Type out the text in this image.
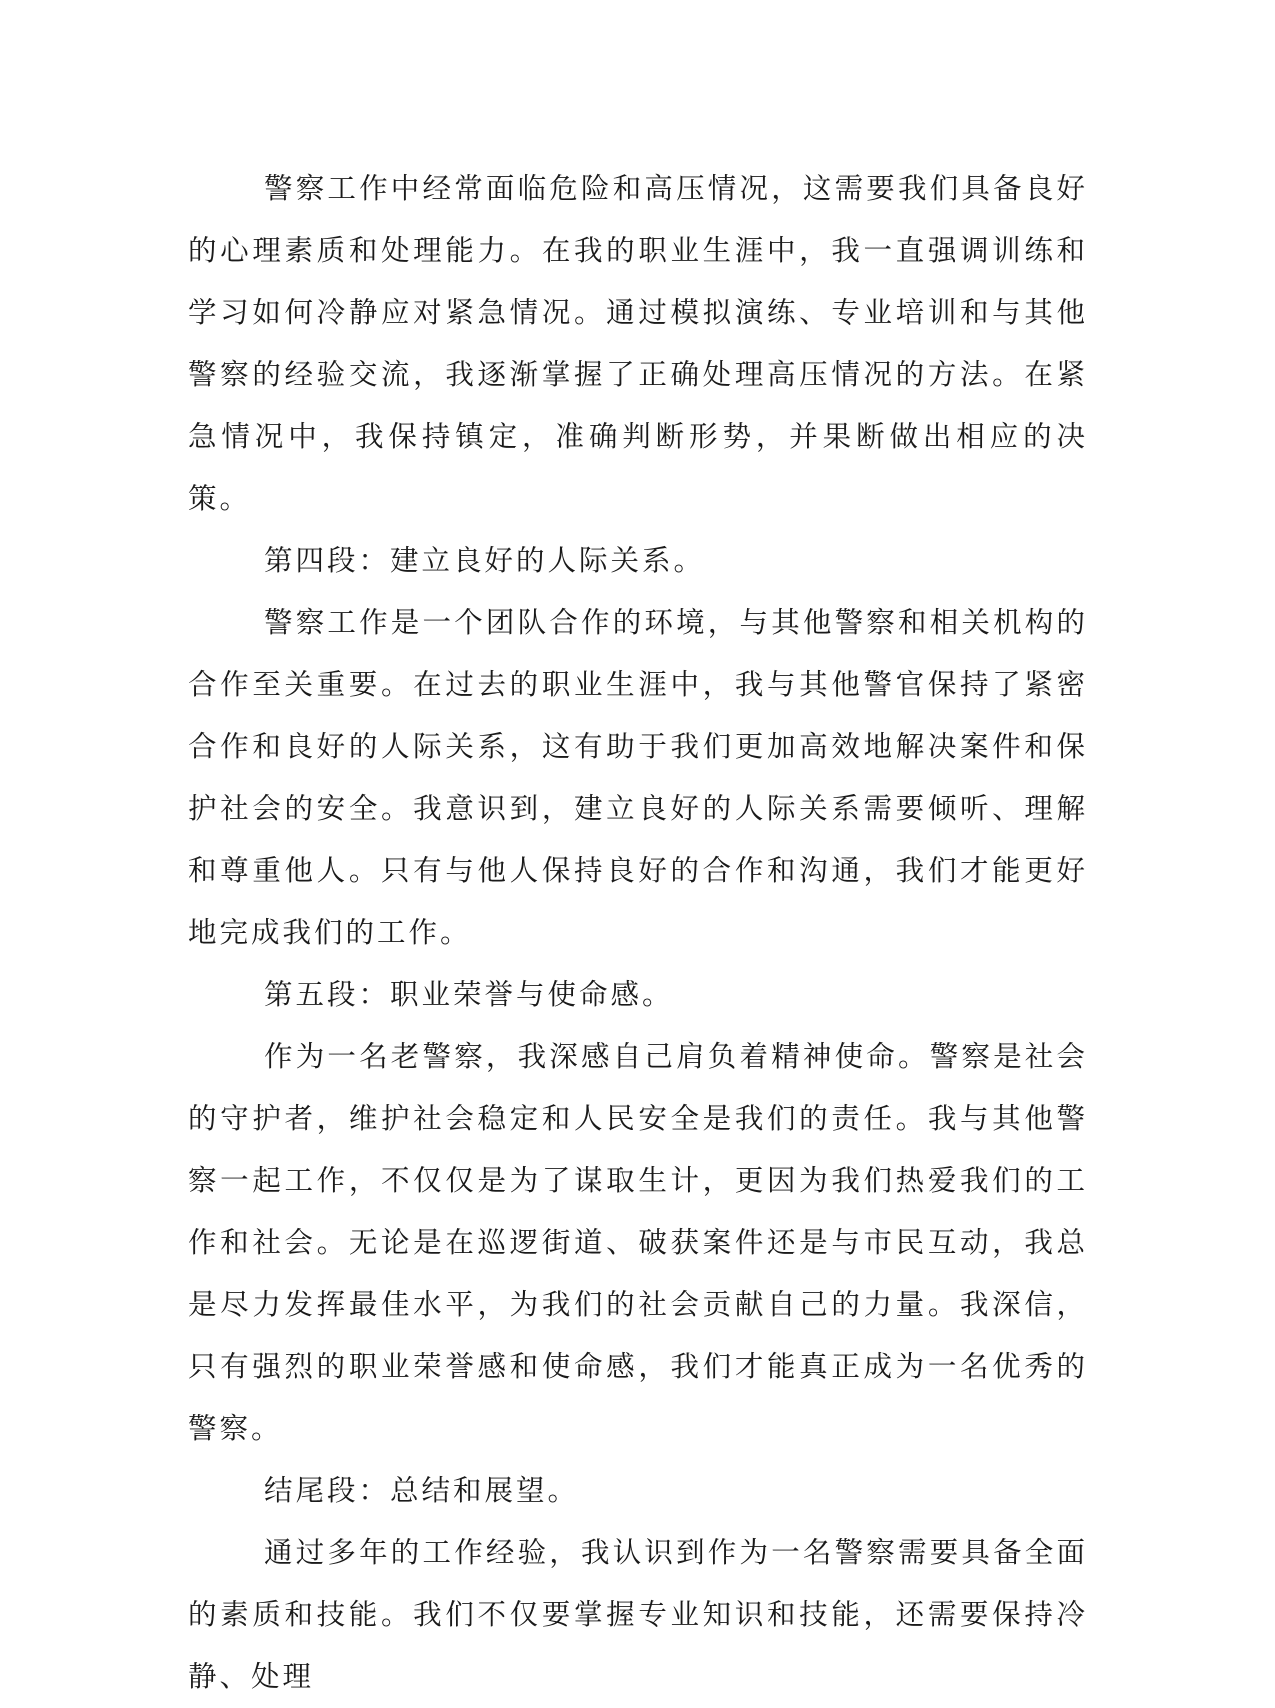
警察工作中经常面临危险和高压情况，这需要我们具备良好的心理素质和处理能力。在我的职业生涯中，我一直强调训练和学习如何冷静应对紧急情况。通过模拟演练、专业培训和与其他警察的经验交流，我逐渐掌握了正确处理高压情况的方法。在紧急情况中，我保持镇定，准确判断形势，并果断做出相应的决策。

第四段：建立良好的人际关系。

警察工作是一个团队合作的环境，与其他警察和相关机构的合作至关重要。在过去的职业生涯中，我与其他警官保持了紧密合作和良好的人际关系，这有助于我们更加高效地解决案件和保护社会的安全。我意识到，建立良好的人际关系需要倾听、理解和尊重他人。只有与他人保持良好的合作和沟通，我们才能更好地完成我们的工作。

第五段：职业荣誉与使命感。

作为一名老警察，我深感自己肩负着精神使命。警察是社会的守护者，维护社会稳定和人民安全是我们的责任。我与其他警察一起工作，不仅仅是为了谋取生计，更因为我们热爱我们的工作和社会。无论是在巡逻街道、破获案件还是与市民互动，我总是尽力发挥最佳水平，为我们的社会贡献自己的力量。我深信，只有强烈的职业荣誉感和使命感，我们才能真正成为一名优秀的警察。

结尾段：总结和展望。

通过多年的工作经验，我认识到作为一名警察需要具备全面的素质和技能。我们不仅要掌握专业知识和技能，还需要保持冷静、处理
